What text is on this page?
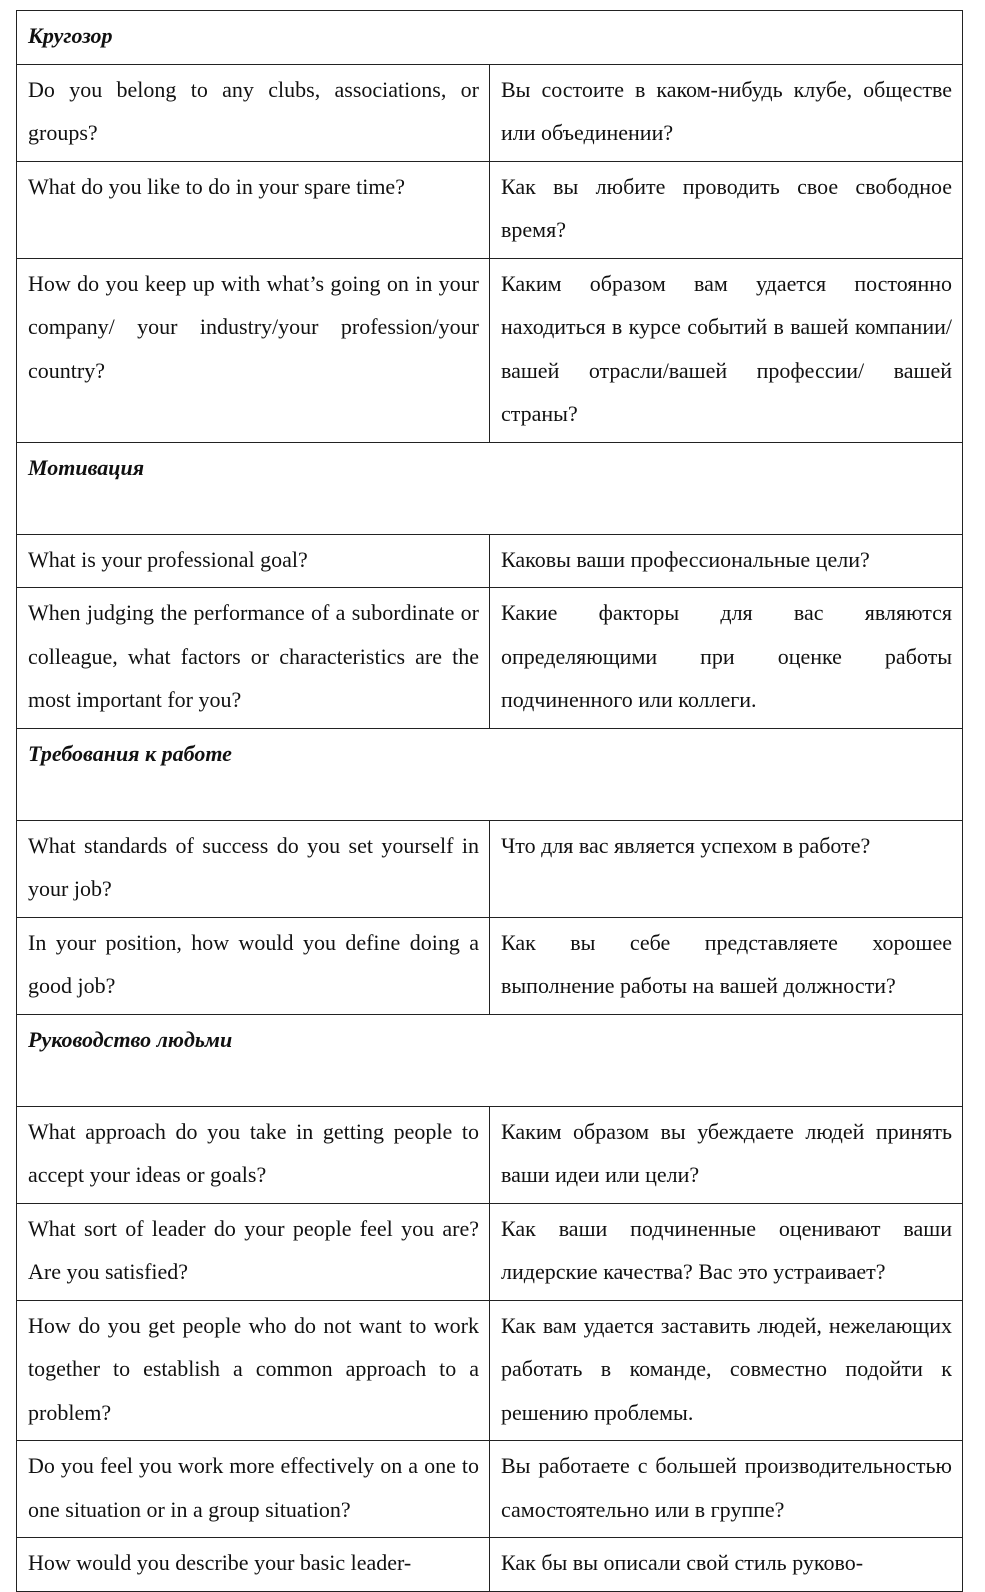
Кругозор	
Do you belong to any clubs, associations, or groups?	Вы состоите в каком-нибудь клубе, обществе или объединении?
What do you like to do in your spare time?	Как вы любите проводить свое свободное время?
How do you keep up with what’s going on in your company/ your industry/your profession/your country?	Каким образом вам удается постоянно находиться в курсе событий в вашей компании/ вашей отрасли/вашей профессии/ вашей страны?
Мотивация	
What is your professional goal?	Каковы ваши профессиональные цели?
When judging the performance of a subordinate or colleague, what factors or characteristics are the most important for you?	Какие факторы для вас являются определяющими при оценке работы подчиненного или коллеги.
Требования к работе	
What standards of success do you set yourself in your job?	Что для вас является успехом в работе?
In your position, how would you define doing a good job?	Как вы себе представляете хорошее выполнение работы на вашей должности?
Руководство людьми	
What approach do you take in getting people to accept your ideas or goals?	Каким образом вы убеждаете людей принять ваши идеи или цели?
What sort of leader do your people feel you are? Are you satisfied?	Как ваши подчиненные оценивают ваши лидерские качества? Вас это устраивает?
How do you get people who do not want to work together to establish a common approach to a problem?	Как вам удается заставить людей, нежелающих работать в команде, совместно подойти к решению проблемы.
Do you feel you work more effectively on a one to one situation or in a group situation?	Вы работаете с большей производительностью самостоятельно или в группе?
How would you describe your basic leader-	Как бы вы описали свой стиль руково-
